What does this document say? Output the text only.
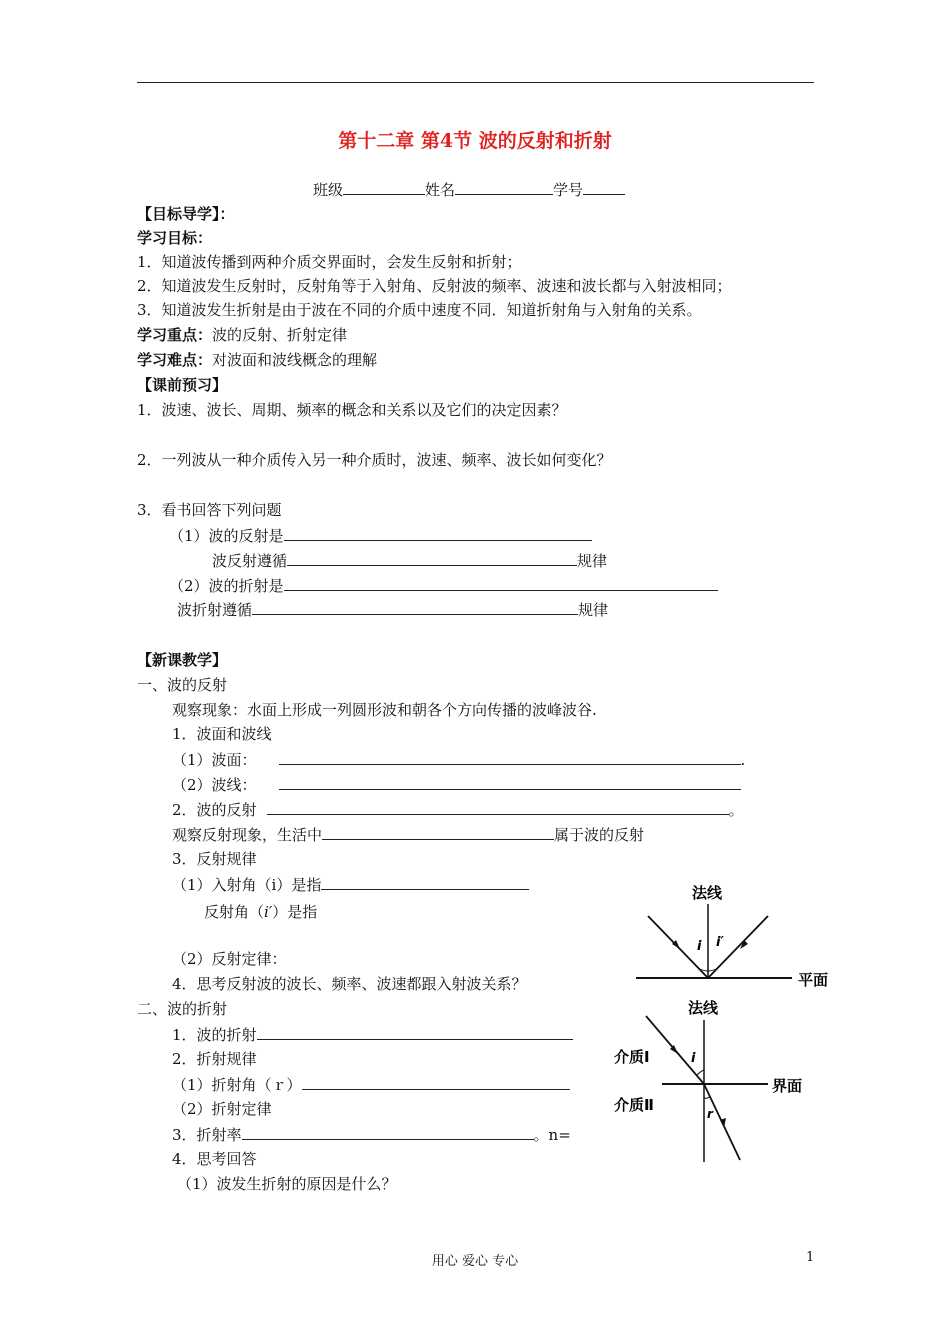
第十二章 第4节 波的反射和折射
班级	姓名	学号
【目标导学】：
学习目标：
1．知道波传播到两种介质交界面时，会发生反射和折射；
2．知道波发生反射时，反射角等于入射角、反射波的频率、波速和波长都与入射波相同；
3．知道波发生折射是由于波在不同的介质中速度不同．知道折射角与入射角的关系。
学习重点：波的反射、折射定律
学习难点：对波面和波线概念的理解
【课前预习】
1．波速、波长、周期、频率的概念和关系以及它们的决定因素？
2．一列波从一种介质传入另一种介质时，波速、频率、波长如何变化？
3．看书回答下列问题
（1）波的反射是
波反射遵循	规律
（2）波的折射是
波折射遵循	规律
【新课教学】
一、波的反射
观察现象：水面上形成一列圆形波和朝各个方向传播的波峰波谷.
1．波面和波线
（1）波面：	.
（2）波线：
2．波的反射	。
观察反射现象，生活中	属于波的反射
3．反射规律
（1）入射角（i）是指
反射角（i′）是指
（2）反射定律：
4．思考反射波的波长、频率、波速都跟入射波关系？
二、波的折射
1．波的折射
2．折射规律
（1）折射角（ｒ）
（2）折射定律
3．折射率	。n=
4．思考回答
（1）波发生折射的原因是什么？
法线
i i′
平面
法线
i
r
介质Ⅰ
介质Ⅱ
界面
用心 爱心 专心	1
